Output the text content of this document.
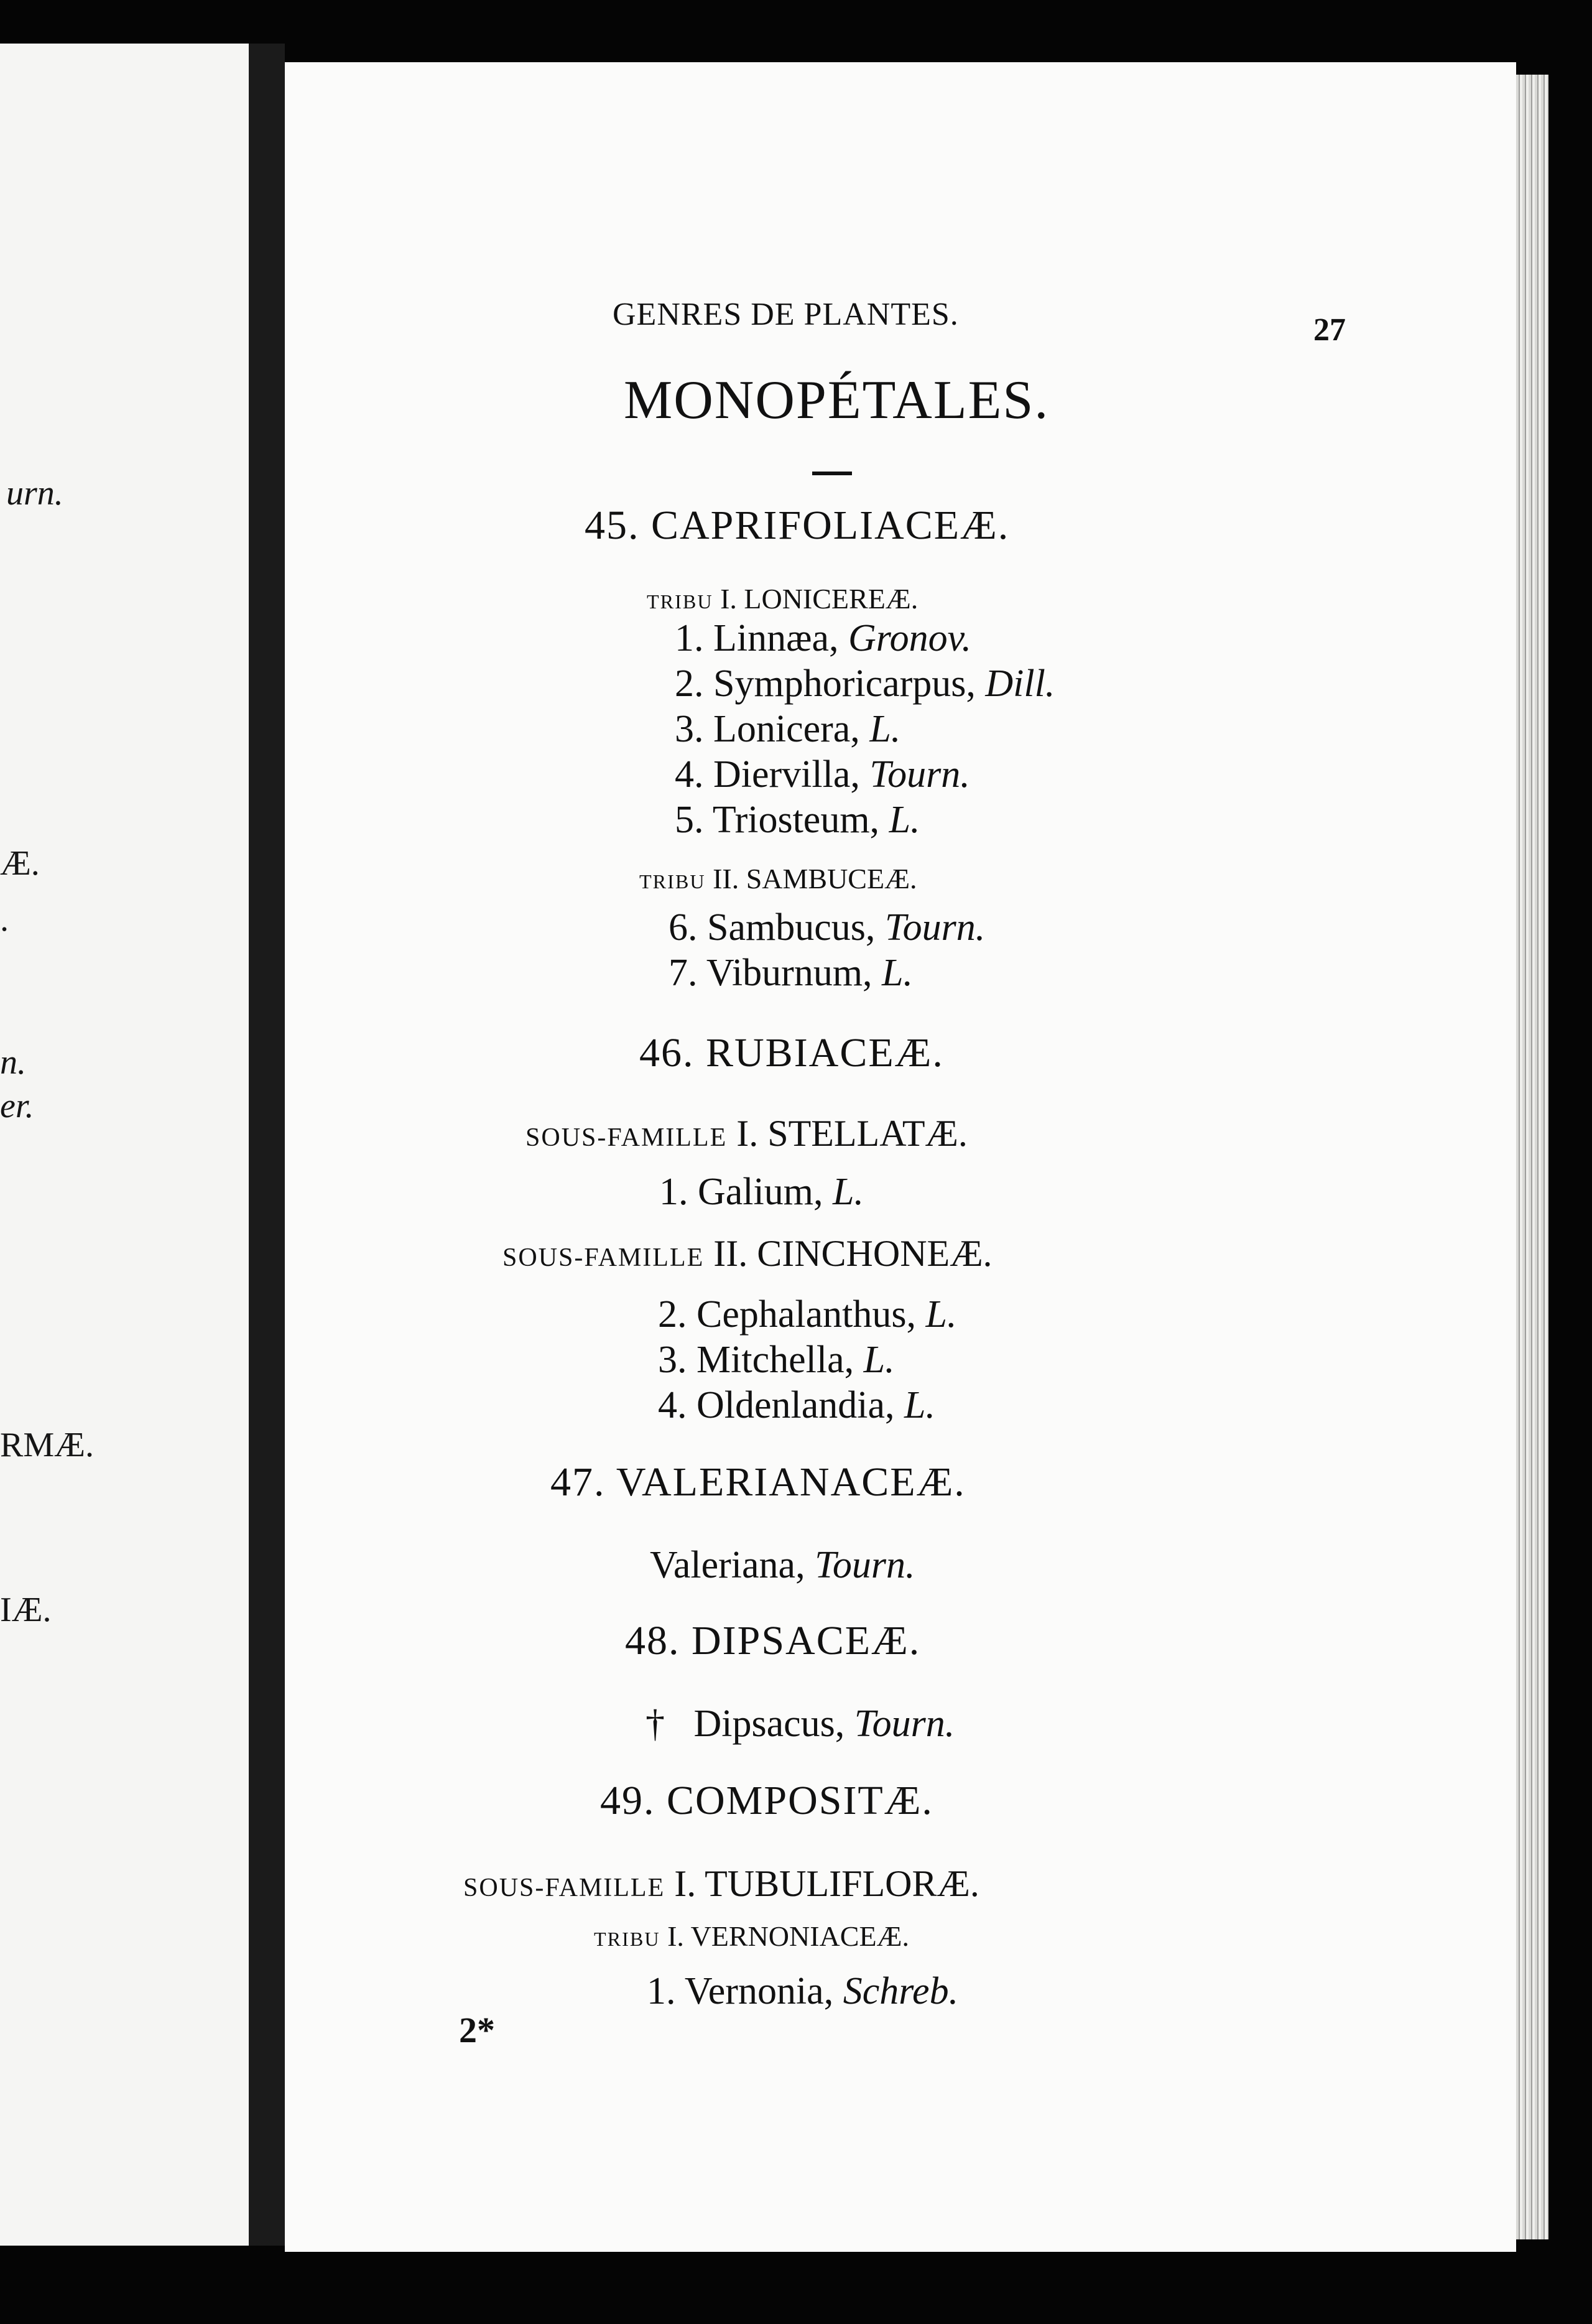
urn.
Æ.
.
n.
er.
RMÆ.
IÆ.
GENRES DE PLANTES.	27
MONOPÉTALES.
45. CAPRIFOLIACEÆ.
TRIBU I. LONICEREÆ.
1. Linnæa, Gronov.
2. Symphoricarpus, Dill.
3. Lonicera, L.
4. Diervilla, Tourn.
5. Triosteum, L.
TRIBU II. SAMBUCEÆ.
6. Sambucus, Tourn.
7. Viburnum, L.
46. RUBIACEÆ.
SOUS-FAMILLE I. STELLATÆ.
1. Galium, L.
SOUS-FAMILLE II. CINCHONEÆ.
2. Cephalanthus, L.
3. Mitchella, L.
4. Oldenlandia, L.
47. VALERIANACEÆ.
Valeriana, Tourn.
48. DIPSACEÆ.
† Dipsacus, Tourn.
49. COMPOSITÆ.
SOUS-FAMILLE I. TUBULIFLORÆ.
TRIBU I. VERNONIACEÆ.
1. Vernonia, Schreb.
2*
